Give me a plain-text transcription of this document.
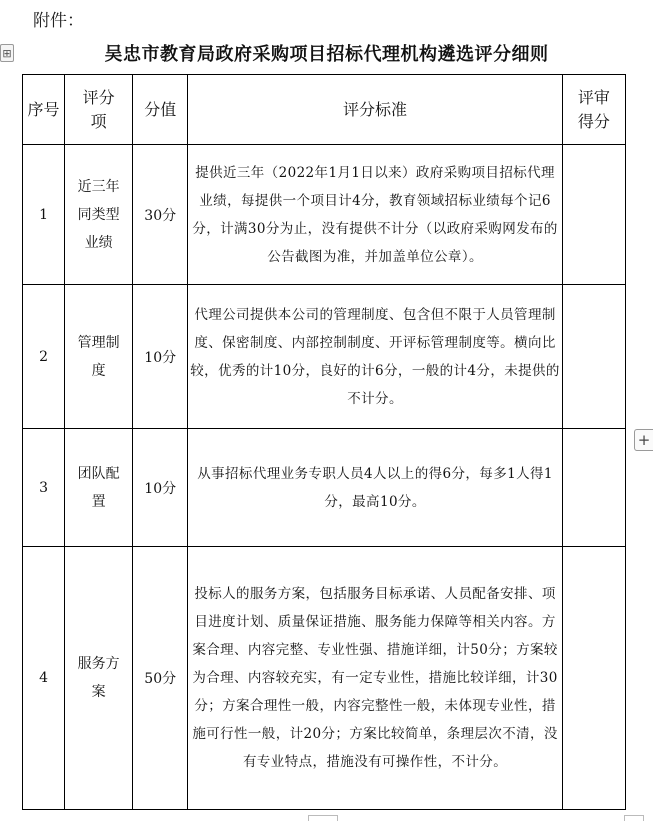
附件：
⊞	吴忠市教育局政府采购项目招标代理机构遴选评分细则
序号	评分项	分值	评分标准	评审得分

1	近三年同类型业绩	30分	提供近三年（2022年1月1日以来）政府采购项目招标代理业绩，每提供一个项目计4分，教育领域招标业绩每个记6分，计满30分为止，没有提供不计分（以政府采购网发布的公告截图为准，并加盖单位公章）。	
2	管理制度	10分	代理公司提供本公司的管理制度、包含但不限于人员管理制度、保密制度、内部控制制度、开评标管理制度等。横向比较，优秀的计10分，良好的计6分，一般的计4分，未提供的不计分。	
3	团队配置	10分	从事招标代理业务专职人员4人以上的得6分，每多1人得1分，最高10分。	
4	服务方案	50分	投标人的服务方案，包括服务目标承诺、人员配备安排、项目进度计划、质量保证措施、服务能力保障等相关内容。方案合理、内容完整、专业性强、措施详细，计50分；方案较为合理、内容较充实，有一定专业性，措施比较详细，计30分；方案合理性一般，内容完整性一般，未体现专业性，措施可行性一般，计20分；方案比较简单，条理层次不清，没有专业特点，措施没有可操作性，不计分。	
+
